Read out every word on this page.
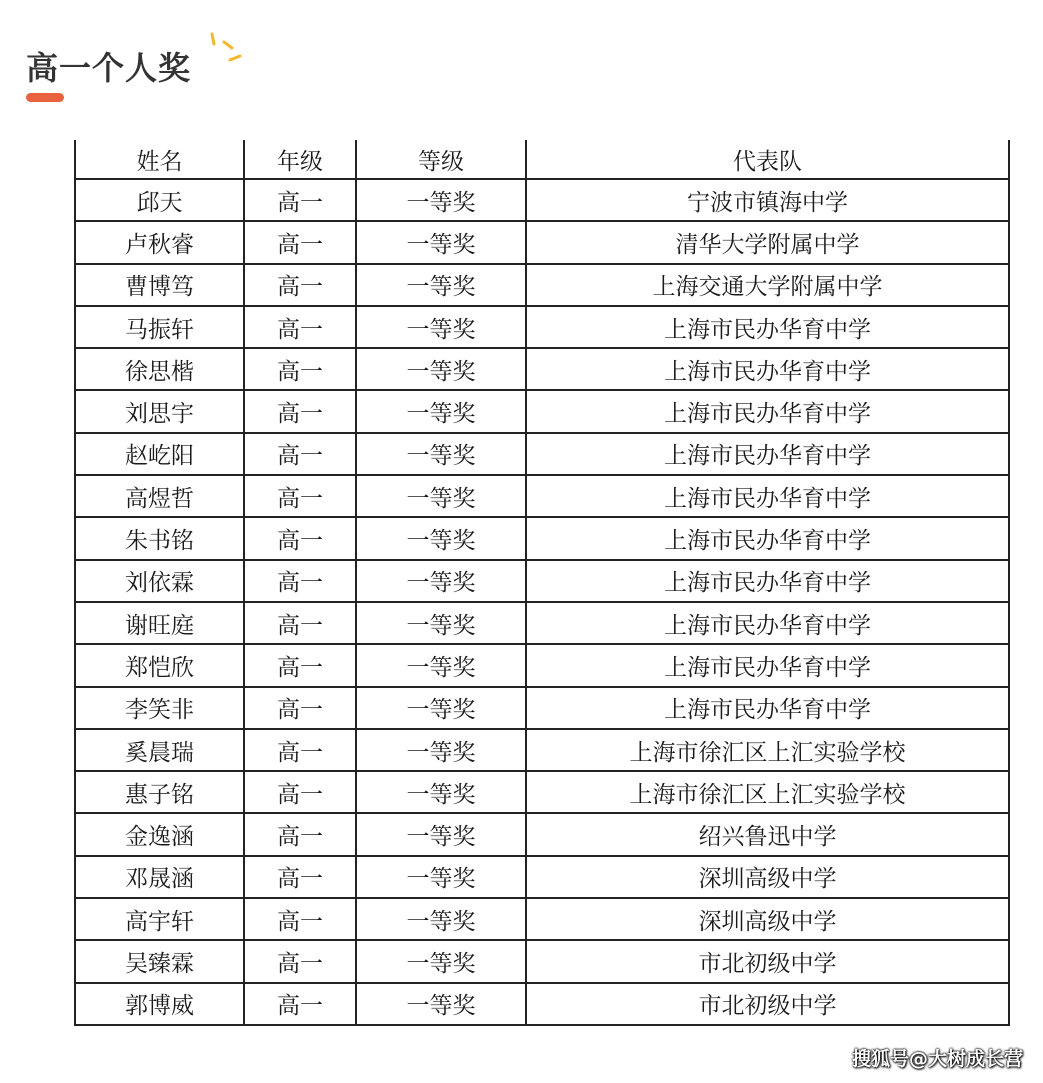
高一个人奖
姓名	年级	等级	代表队
邱天	高一	一等奖	宁波市镇海中学
卢秋睿	高一	一等奖	清华大学附属中学
曹博笃	高一	一等奖	上海交通大学附属中学
马振轩	高一	一等奖	上海市民办华育中学
徐思楷	高一	一等奖	上海市民办华育中学
刘思宇	高一	一等奖	上海市民办华育中学
赵屹阳	高一	一等奖	上海市民办华育中学
高煜哲	高一	一等奖	上海市民办华育中学
朱书铭	高一	一等奖	上海市民办华育中学
刘依霖	高一	一等奖	上海市民办华育中学
谢旺庭	高一	一等奖	上海市民办华育中学
郑恺欣	高一	一等奖	上海市民办华育中学
李笑非	高一	一等奖	上海市民办华育中学
奚晨瑞	高一	一等奖	上海市徐汇区上汇实验学校
惠子铭	高一	一等奖	上海市徐汇区上汇实验学校
金逸涵	高一	一等奖	绍兴鲁迅中学
邓晟涵	高一	一等奖	深圳高级中学
高宇轩	高一	一等奖	深圳高级中学
吴臻霖	高一	一等奖	市北初级中学
郭博威	高一	一等奖	市北初级中学
搜狐号@大树成长营
